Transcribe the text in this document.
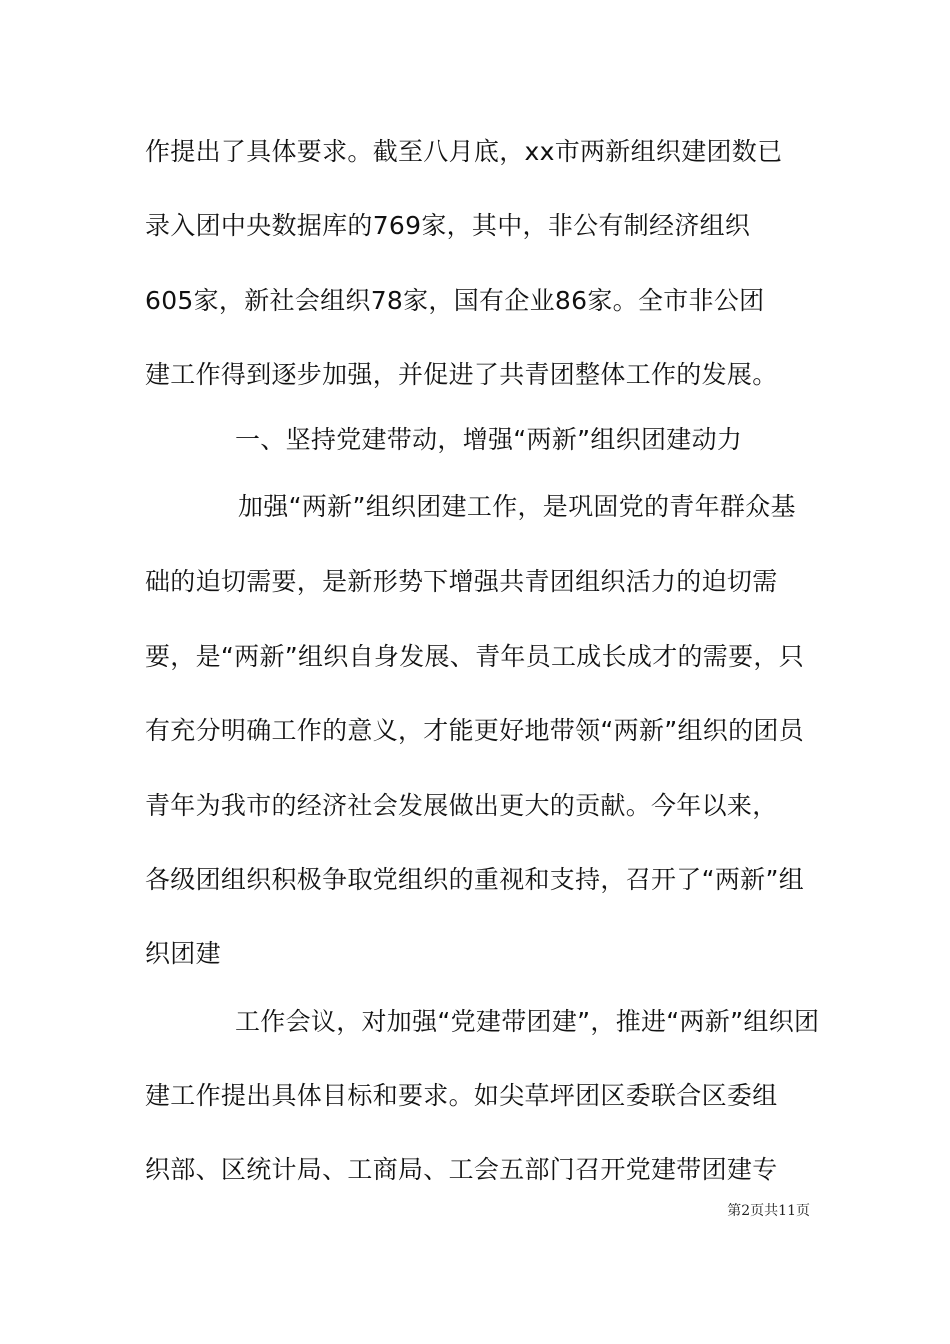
作提出了具体要求。截至八月底，xx市两新组织建团数已
录入团中央数据库的769家，其中，非公有制经济组织
605家，新社会组织78家，国有企业86家。全市非公团
建工作得到逐步加强，并促进了共青团整体工作的发展。
一、坚持党建带动，增强“两新”组织团建动力
加强“两新”组织团建工作，是巩固党的青年群众基
础的迫切需要，是新形势下增强共青团组织活力的迫切需
要，是“两新”组织自身发展、青年员工成长成才的需要，只
有充分明确工作的意义，才能更好地带领“两新”组织的团员
青年为我市的经济社会发展做出更大的贡献。今年以来，
各级团组织积极争取党组织的重视和支持，召开了“两新”组
织团建
工作会议，对加强“党建带团建”，推进“两新”组织团
建工作提出具体目标和要求。如尖草坪团区委联合区委组
织部、区统计局、工商局、工会五部门召开党建带团建专
第2页共11页
